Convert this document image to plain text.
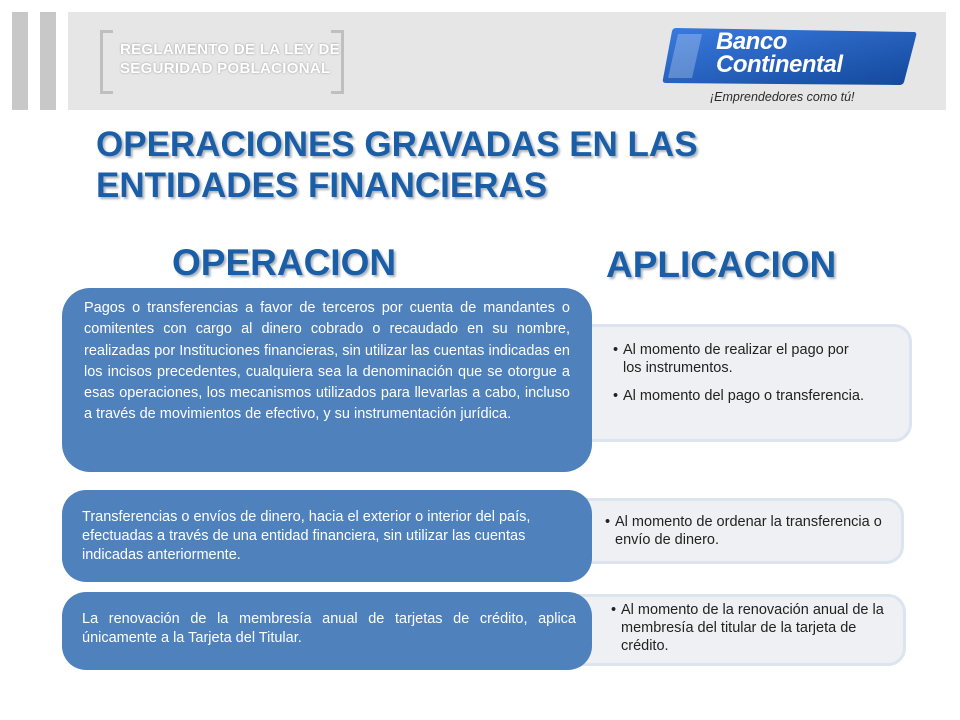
REGLAMENTO DE LA LEY DE
SEGURIDAD POBLACIONAL
Banco
Continental
¡Emprendedores como tú!
OPERACIONES GRAVADAS EN LAS ENTIDADES FINANCIERAS
OPERACION	APLICACION
• Al momento de realizar el pago por los instrumentos.
• Al momento del pago o transferencia.

Pagos o transferencias a favor de terceros por cuenta de mandantes o comitentes con cargo al dinero cobrado o recaudado en su nombre, realizadas por Instituciones financieras, sin utilizar las cuentas indicadas en los incisos precedentes, cualquiera sea la denominación que se otorgue a esas operaciones, los mecanismos utilizados para llevarlas a cabo, incluso a través de movimientos de efectivo, y su instrumentación jurídica.

• Al momento de ordenar la transferencia o envío de dinero.

Transferencias o envíos de dinero, hacia el exterior o interior del país, efectuadas a través de una entidad financiera, sin utilizar las cuentas indicadas anteriormente.

• Al momento de la renovación anual de la membresía del titular de la tarjeta de crédito.

La renovación de la membresía anual de tarjetas de crédito, aplica únicamente a la Tarjeta del Titular.
